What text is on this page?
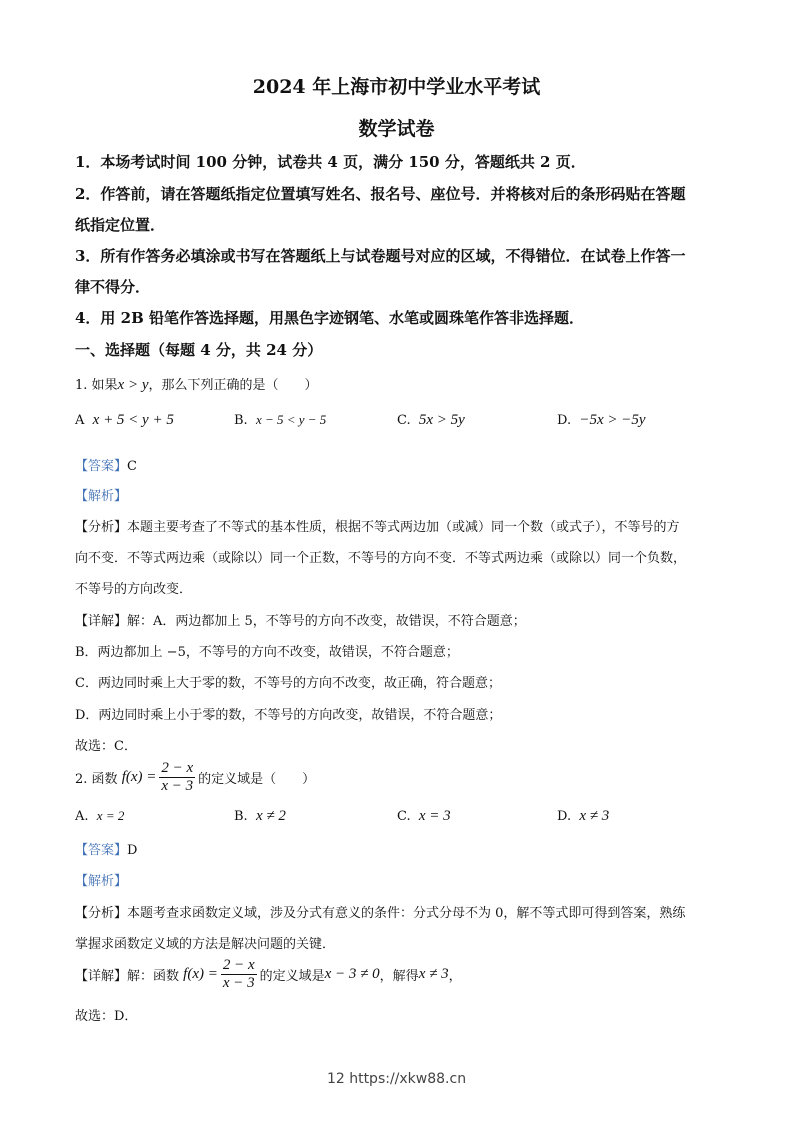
2024 年上海市初中学业水平考试
数学试卷
1．本场考试时间 100 分钟，试卷共 4 页，满分 150 分，答题纸共 2 页．
2．作答前，请在答题纸指定位置填写姓名、报名号、座位号．并将核对后的条形码贴在答题
纸指定位置．
3．所有作答务必填涂或书写在答题纸上与试卷题号对应的区域，不得错位．在试卷上作答一
律不得分．
4．用 2B 铅笔作答选择题，用黑色字迹钢笔、水笔或圆珠笔作答非选择题．
一、选择题（每题 4 分，共 24 分）
1. 如果x > y，那么下列正确的是（　　）
A x + 5 < y + 5	B. x − 5 < y − 5	C. 5x > 5y	D. −5x > −5y
【答案】C
【解析】
【分析】本题主要考查了不等式的基本性质，根据不等式两边加（或减）同一个数（或式子），不等号的方
向不变．不等式两边乘（或除以）同一个正数，不等号的方向不变．不等式两边乘（或除以）同一个负数，
不等号的方向改变．
【详解】解：A．两边都加上 5，不等号的方向不改变，故错误，不符合题意；
B．两边都加上 −5，不等号的方向不改变，故错误，不符合题意；
C．两边同时乘上大于零的数，不等号的方向不改变，故正确，符合题意；
D．两边同时乘上小于零的数，不等号的方向改变，故错误，不符合题意；
故选：C．
2. 函数 $f(x) = \frac{2 - x}{x - 3}$ 的定义域是（　　）
A. x = 2	B. x ≠ 2	C. x = 3	D. x ≠ 3
【答案】D
【解析】
【分析】本题考查求函数定义域，涉及分式有意义的条件：分式分母不为 0，解不等式即可得到答案，熟练
掌握求函数定义域的方法是解决问题的关键．
【详解】解：函数 $f(x) = \frac{2 - x}{x - 3}$ 的定义域是x − 3 ≠ 0，解得x ≠ 3，
故选：D．
12 https://xkw88.cn
